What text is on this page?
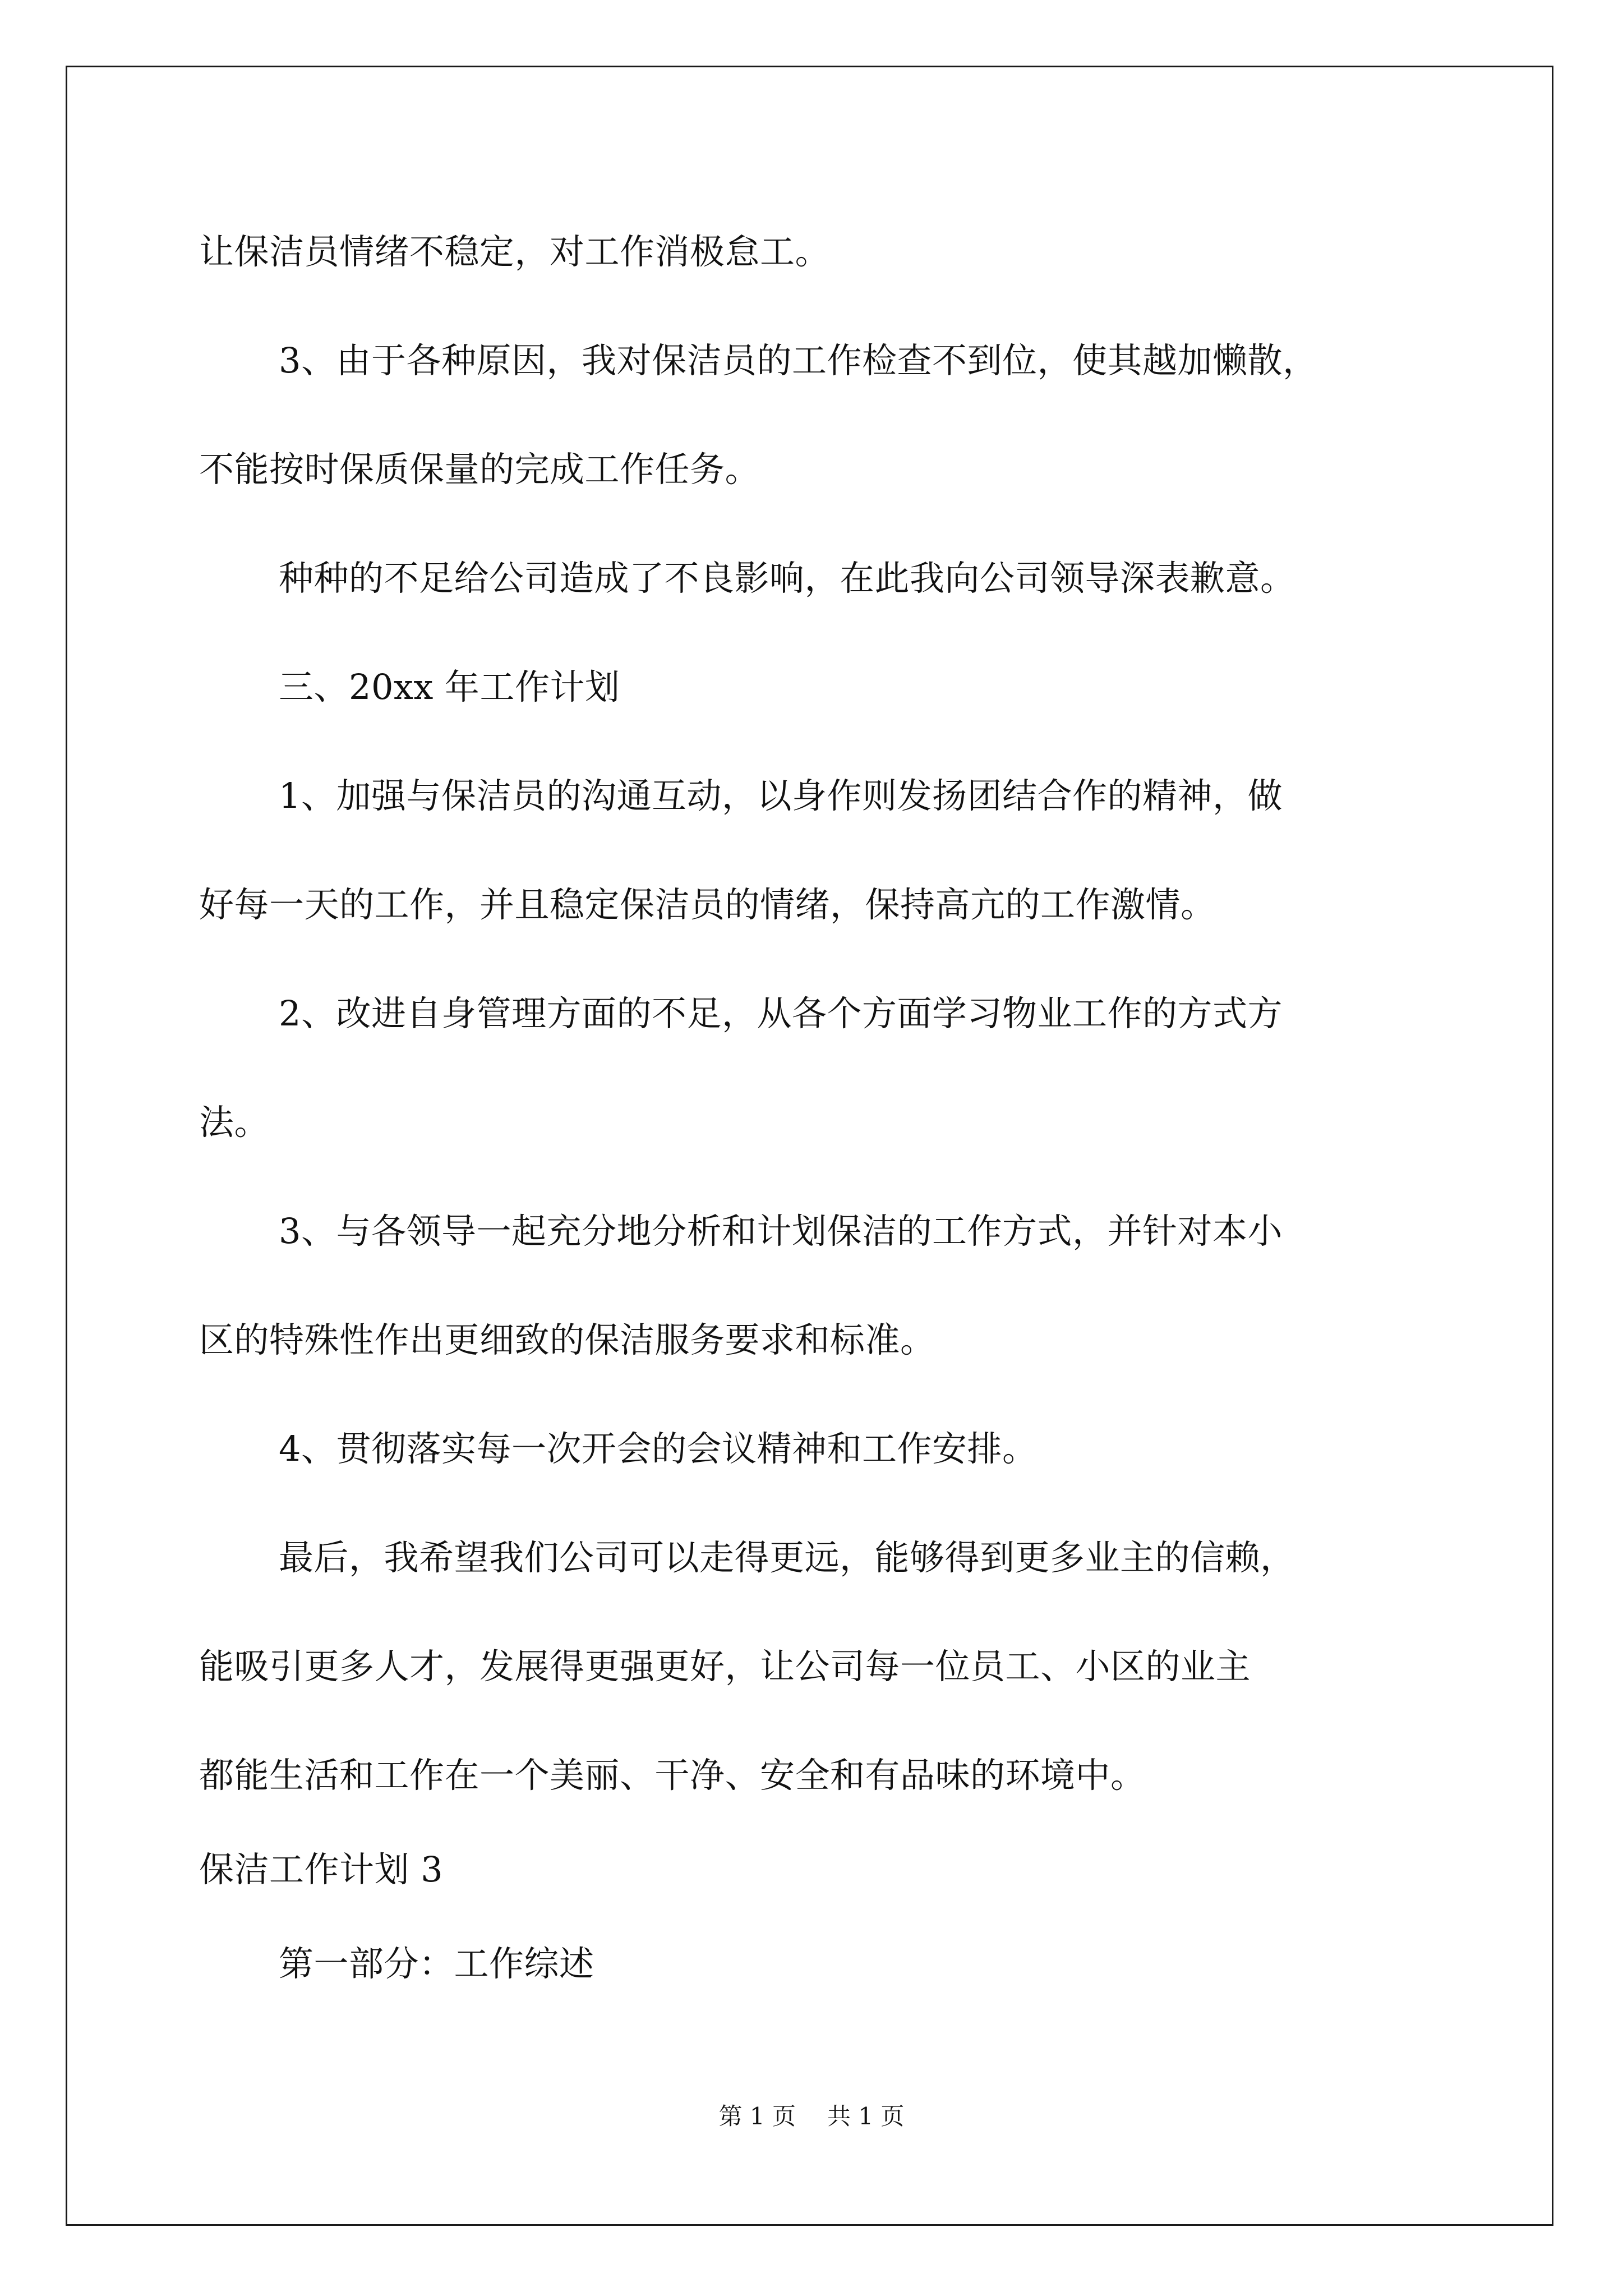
让保洁员情绪不稳定，对工作消极怠工。
3、由于各种原因，我对保洁员的工作检查不到位，使其越加懒散，
不能按时保质保量的完成工作任务。
种种的不足给公司造成了不良影响，在此我向公司领导深表歉意。
三、20xx 年工作计划
1、加强与保洁员的沟通互动，以身作则发扬团结合作的精神，做
好每一天的工作，并且稳定保洁员的情绪，保持高亢的工作激情。
2、改进自身管理方面的不足，从各个方面学习物业工作的方式方
法。
3、与各领导一起充分地分析和计划保洁的工作方式，并针对本小
区的特殊性作出更细致的保洁服务要求和标准。
4、贯彻落实每一次开会的会议精神和工作安排。
最后，我希望我们公司可以走得更远，能够得到更多业主的信赖，
能吸引更多人才，发展得更强更好，让公司每一位员工、小区的业主
都能生活和工作在一个美丽、干净、安全和有品味的环境中。
保洁工作计划 3
第一部分：工作综述
第 1 页 共 1 页
